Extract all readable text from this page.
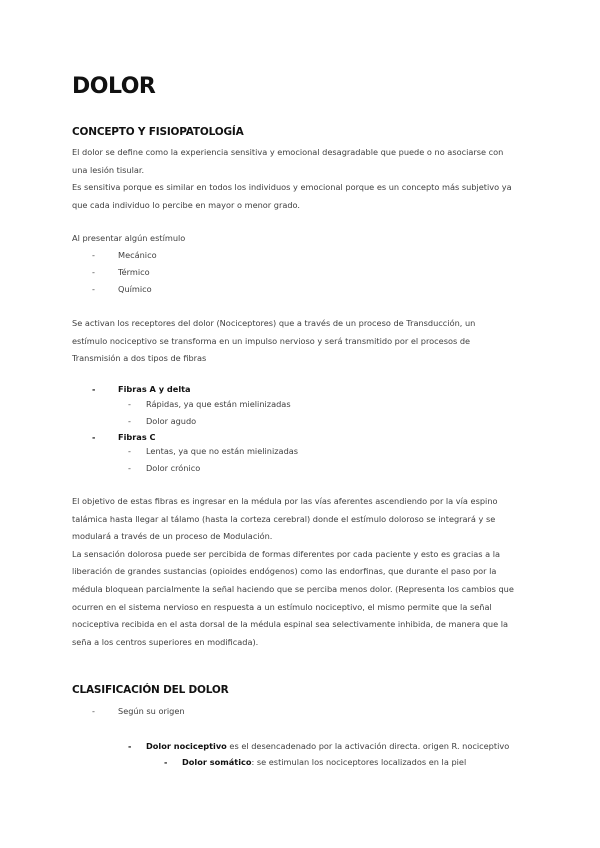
DOLOR
CONCEPTO Y FISIOPATOLOGÍA
El dolor se define como la experiencia sensitiva y emocional desagradable que puede o no asociarse con
una lesión tisular.
Es sensitiva porque es similar en todos los individuos y emocional porque es un concepto más subjetivo ya
que cada individuo lo percibe en mayor o menor grado.
Al presentar algún estímulo
-	Mecánico
-	Térmico
-	Químico
Se activan los receptores del dolor (Nociceptores) que a través de un proceso de Transducción, un
estímulo nociceptivo se transforma en un impulso nervioso y será transmitido por el procesos de
Transmisión a dos tipos de fibras
-	Fibras A y delta
- Rápidas, ya que están mielinizadas
- Dolor agudo
-	Fibras C
- Lentas, ya que no están mielinizadas
- Dolor crónico
El objetivo de estas fibras es ingresar en la médula por las vías aferentes ascendiendo por la vía espino
talámica hasta llegar al tálamo (hasta la corteza cerebral) donde el estímulo doloroso se integrará y se
modulará a través de un proceso de Modulación.
La sensación dolorosa puede ser percibida de formas diferentes por cada paciente y esto es gracias a la
liberación de grandes sustancias (opioides endógenos) como las endorfinas, que durante el paso por la
médula bloquean parcialmente la señal haciendo que se perciba menos dolor. (Representa los cambios que
ocurren en el sistema nervioso en respuesta a un estímulo nociceptivo, el mismo permite que la señal
nociceptiva recibida en el asta dorsal de la médula espinal sea selectivamente inhibida, de manera que la
seña a los centros superiores en modificada).
CLASIFICACIÓN DEL DOLOR
-	Según su origen
- Dolor nociceptivo es el desencadenado por la activación directa. origen R. nociceptivo
- Dolor somático: se estimulan los nociceptores localizados en la piel
